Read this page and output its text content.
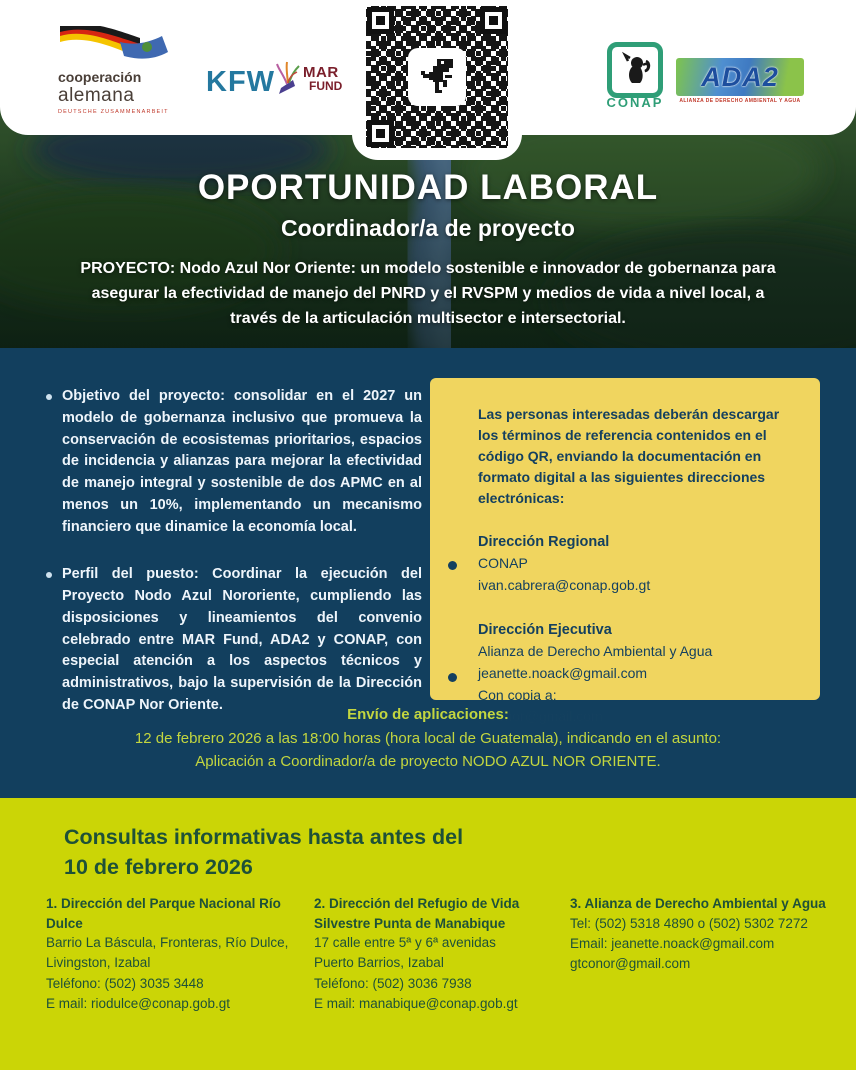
OPORTUNIDAD LABORAL
Coordinador/a de proyecto
PROYECTO: Nodo Azul Nor Oriente: un modelo sostenible e innovador de gobernanza para asegurar la efectividad de manejo del PNRD y el RVSPM y medios de vida a nivel local, a través de la articulación multisector e intersectorial.
cooperación
alemana
DEUTSCHE ZUSAMMENARBEIT
KFW MAR
FUND
CONAP
ADA2
ALIANZA DE DERECHO AMBIENTAL Y AGUA
Objetivo del proyecto: consolidar en el 2027 un modelo de gobernanza inclusivo que promueva la conservación de ecosistemas prioritarios, espacios de incidencia y alianzas para mejorar la efectividad de manejo integral y sostenible de dos APMC en al menos un 10%, implementando un mecanismo financiero que dinamice la economía local.
Perfil del puesto: Coordinar la ejecución del Proyecto Nodo Azul Nororiente, cumpliendo las disposiciones y lineamientos del convenio celebrado entre MAR Fund, ADA2 y CONAP, con especial atención a los aspectos técnicos y administrativos, bajo la supervisión de la Dirección de CONAP Nor Oriente.
Las personas interesadas deberán descargar los términos de referencia contenidos en el código QR, enviando la documentación en formato digital a las siguientes direcciones electrónicas:
Dirección Regional
CONAP
ivan.cabrera@conap.gob.gt
Dirección Ejecutiva
Alianza de Derecho Ambiental y Agua
jeanette.noack@gmail.com
Con copia a:
gtconor@gmail.com
Envío de aplicaciones:
12 de febrero 2026 a las 18:00 horas (hora local de Guatemala), indicando en el asunto: Aplicación a Coordinador/a de proyecto NODO AZUL NOR ORIENTE.
Consultas informativas hasta antes del 10 de febrero 2026
1. Dirección del Parque Nacional Río Dulce
Barrio La Báscula, Fronteras, Río Dulce, Livingston, Izabal
Teléfono: (502) 3035 3448
E mail: riodulce@conap.gob.gt
2. Dirección del Refugio de Vida Silvestre Punta de Manabique
17 calle entre 5ª y 6ª avenidas
Puerto Barrios, Izabal
Teléfono: (502) 3036 7938
E mail: manabique@conap.gob.gt
3. Alianza de Derecho Ambiental y Agua
Tel: (502) 5318 4890 o (502) 5302 7272
Email: jeanette.noack@gmail.com
gtconor@gmail.com
